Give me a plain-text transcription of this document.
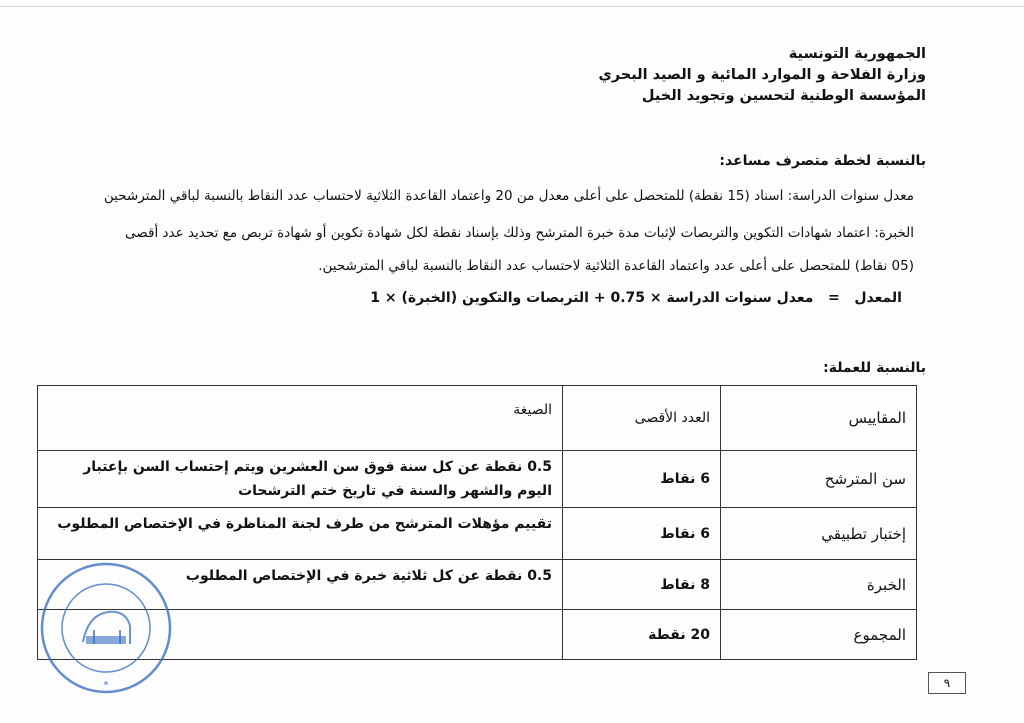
الجمهورية التونسية
وزارة الفلاحة و الموارد المائية و الصيد البحري
المؤسسة الوطنية لتحسين وتجويد الخيل
بالنسبة لخطة متصرف مساعد:
معدل سنوات الدراسة: اسناد (15 نقطة) للمتحصل على أعلى معدل من 20 واعتماد القاعدة الثلاثية لاحتساب عدد النقاط بالنسبة لباقي المترشحين
الخبرة: اعتماد شهادات التكوين والتربصات لإثبات مدة خبرة المترشح وذلك بإسناد نقطة لكل شهادة تكوين أو شهادة تربص مع تحديد عدد أقصى
(05 نقاط) للمتحصل على أعلى عدد واعتماد القاعدة الثلاثية لاحتساب عدد النقاط بالنسبة لباقي المترشحين.
المعدل   =   معدل سنوات الدراسة × 0.75 + التربصات والتكوين (الخبرة) × 1
بالنسبة للعملة:
المقاييس	العدد الأقصى	الصيغة
سن المترشح	6 نقاط	0.5 نقطة عن كل سنة فوق سن العشرين ويتم إحتساب السن بإعتبار اليوم والشهر والسنة في تاريخ ختم الترشحات
إختبار تطبيقي	6 نقاط	تقييم مؤهلات المترشح من طرف لجنة المناظرة في الإختصاص المطلوب
الخبرة	8 نقاط	0.5 نقطة عن كل ثلاثية خبرة في الإختصاص المطلوب
المجموع	20 نقطة	
*	٩
